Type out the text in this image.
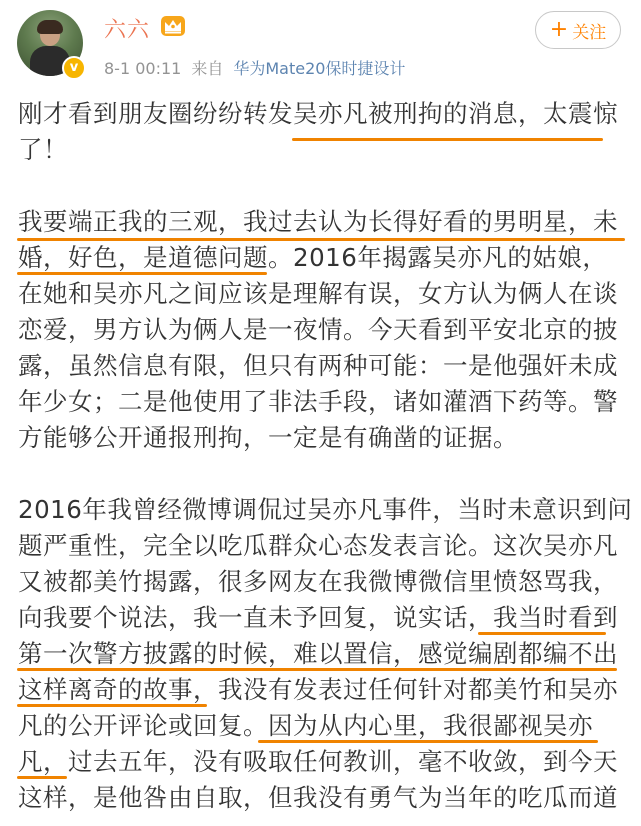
v
六六
8-1 00:11 来自 华为Mate20保时捷设计
+ 关注
刚才看到朋友圈纷纷转发吴亦凡被刑拘的消息，太震惊
了！
我要端正我的三观，我过去认为长得好看的男明星，未
婚，好色，是道德问题。2016年揭露吴亦凡的姑娘，
在她和吴亦凡之间应该是理解有误，女方认为俩人在谈
恋爱，男方认为俩人是一夜情。今天看到平安北京的披
露，虽然信息有限，但只有两种可能：一是他强奸未成
年少女；二是他使用了非法手段，诸如灌酒下药等。警
方能够公开通报刑拘，一定是有确凿的证据。
2016年我曾经微博调侃过吴亦凡事件，当时未意识到问
题严重性，完全以吃瓜群众心态发表言论。这次吴亦凡
又被都美竹揭露，很多网友在我微博微信里愤怒骂我，
向我要个说法，我一直未予回复，说实话，我当时看到
第一次警方披露的时候，难以置信，感觉编剧都编不出
这样离奇的故事，我没有发表过任何针对都美竹和吴亦
凡的公开评论或回复。因为从内心里，我很鄙视吴亦
凡，过去五年，没有吸取任何教训，毫不收敛，到今天
这样，是他咎由自取，但我没有勇气为当年的吃瓜而道
